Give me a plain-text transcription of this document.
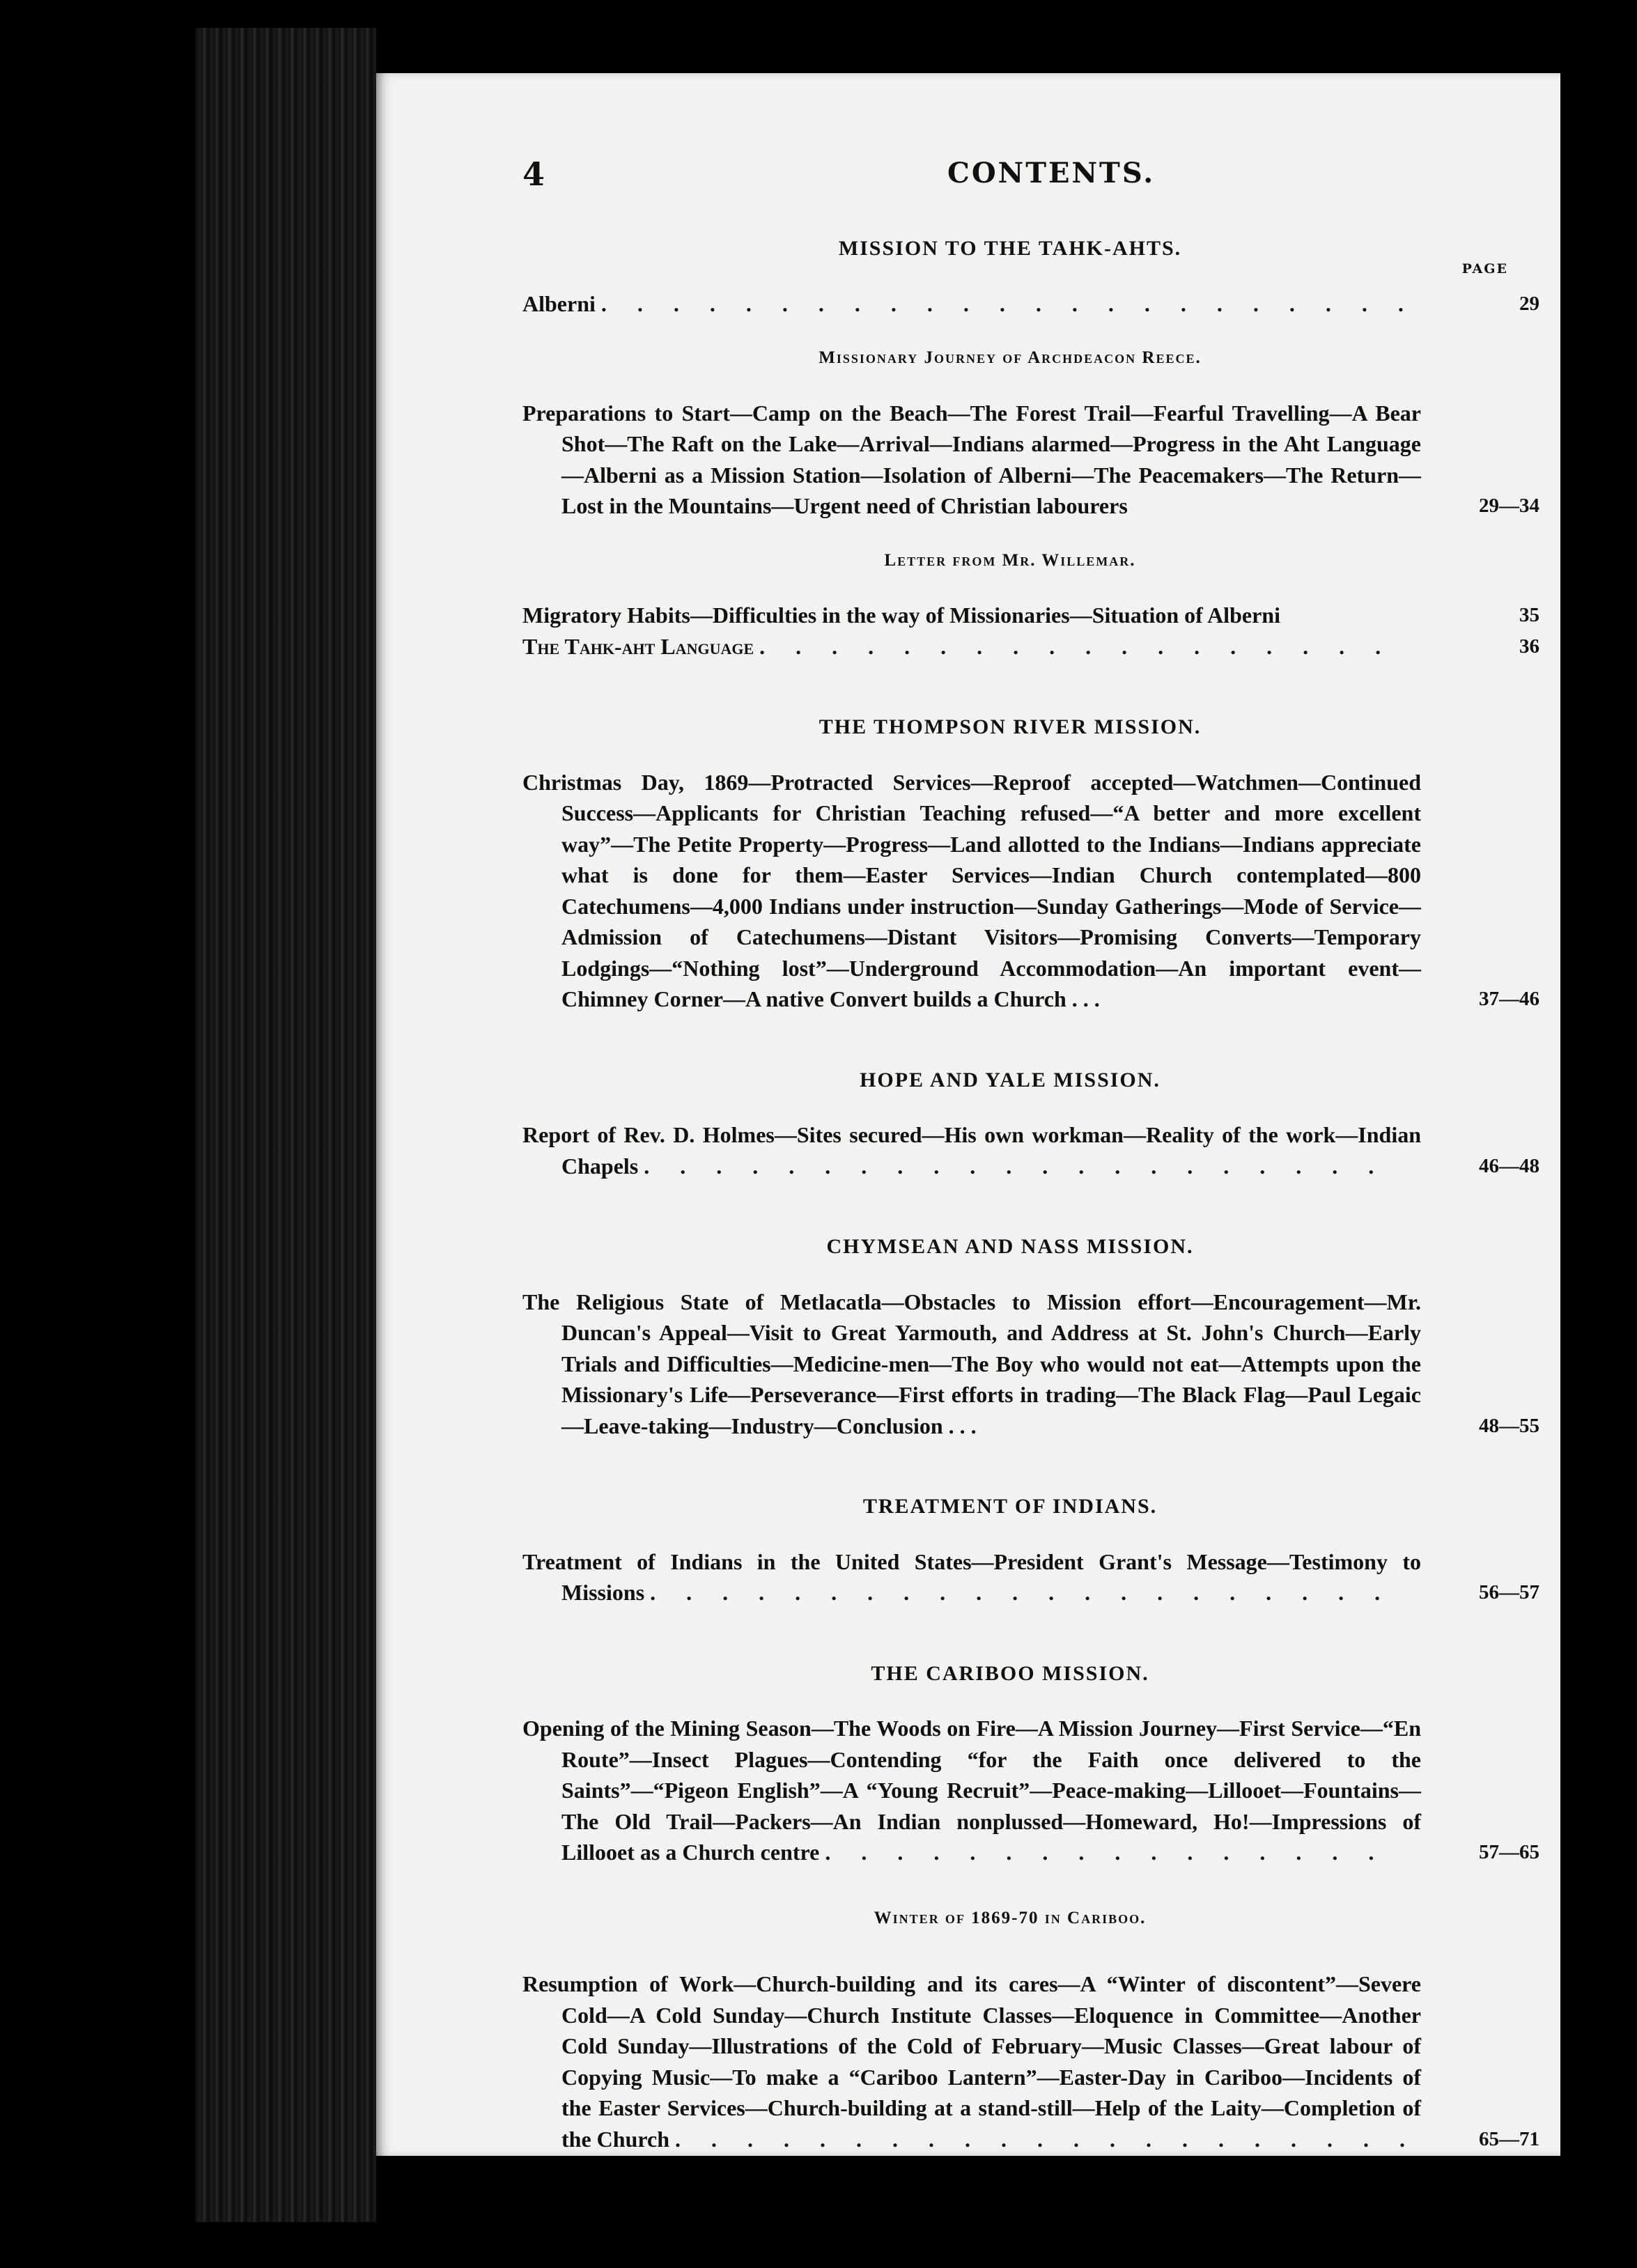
4	CONTENTS.
PAGE
MISSION TO THE TAHK-AHTS.
Alberni . . . . . . . . . . . . . . . . . . . . . . .	29
Missionary Journey of Archdeacon Reece.
Preparations to Start—Camp on the Beach—The Forest Trail—Fearful Travelling—A Bear Shot—The Raft on the Lake—Arrival—Indians alarmed—Progress in the Aht Language—Alberni as a Mission Station—Isolation of Alberni—The Peacemakers—The Return—Lost in the Mountains—Urgent need of Christian labourers	29—34
Letter from Mr. Willemar.
Migratory Habits—Difficulties in the way of Missionaries—Situation of Alberni	35
The Tahk-aht Language . . . . . . . . . . . . . . . . . .	36
THE THOMPSON RIVER MISSION.
Christmas Day, 1869—Protracted Services—Reproof accepted—Watchmen—Continued Success—Applicants for Christian Teaching refused—“A better and more excellent way”—The Petite Property—Progress—Land allotted to the Indians—Indians appreciate what is done for them—Easter Services—Indian Church contemplated—800 Catechumens—4,000 Indians under instruction—Sunday Gatherings—Mode of Service—Admission of Catechumens—Distant Visitors—Promising Converts—Temporary Lodgings—“Nothing lost”—Underground Accommodation—An important event—Chimney Corner—A native Convert builds a Church . . .	37—46
HOPE AND YALE MISSION.
Report of Rev. D. Holmes—Sites secured—His own workman—Reality of the work—Indian Chapels . . . . . . . . . . . . . . . . . . . . .	46—48
CHYMSEAN AND NASS MISSION.
The Religious State of Metlacatla—Obstacles to Mission effort—Encouragement—Mr. Duncan's Appeal—Visit to Great Yarmouth, and Address at St. John's Church—Early Trials and Difficulties—Medicine-men—The Boy who would not eat—Attempts upon the Missionary's Life—Perseverance—First efforts in trading—The Black Flag—Paul Legaic—Leave-taking—Industry—Conclusion . . .	48—55
TREATMENT OF INDIANS.
Treatment of Indians in the United States—President Grant's Message—Testimony to Missions . . . . . . . . . . . . . . . . . . . . .	56—57
THE CARIBOO MISSION.
Opening of the Mining Season—The Woods on Fire—A Mission Journey—First Service—“En Route”—Insect Plagues—Contending “for the Faith once delivered to the Saints”—“Pigeon English”—A “Young Recruit”—Peace-making—Lillooet—Fountains—The Old Trail—Packers—An Indian nonplussed—Homeward, Ho!—Impressions of Lillooet as a Church centre . . . . . . . . . . . . . . . .	57—65
Winter of 1869-70 in Cariboo.
Resumption of Work—Church-building and its cares—A “Winter of discontent”—Severe Cold—A Cold Sunday—Church Institute Classes—Eloquence in Committee—Another Cold Sunday—Illustrations of the Cold of February—Music Classes—Great labour of Copying Music—To make a “Cariboo Lantern”—Easter-Day in Cariboo—Incidents of the Easter Services—Church-building at a stand-still—Help of the Laity—Completion of the Church . . . . . . . . . . . . . . . . . . . . .	65—71
